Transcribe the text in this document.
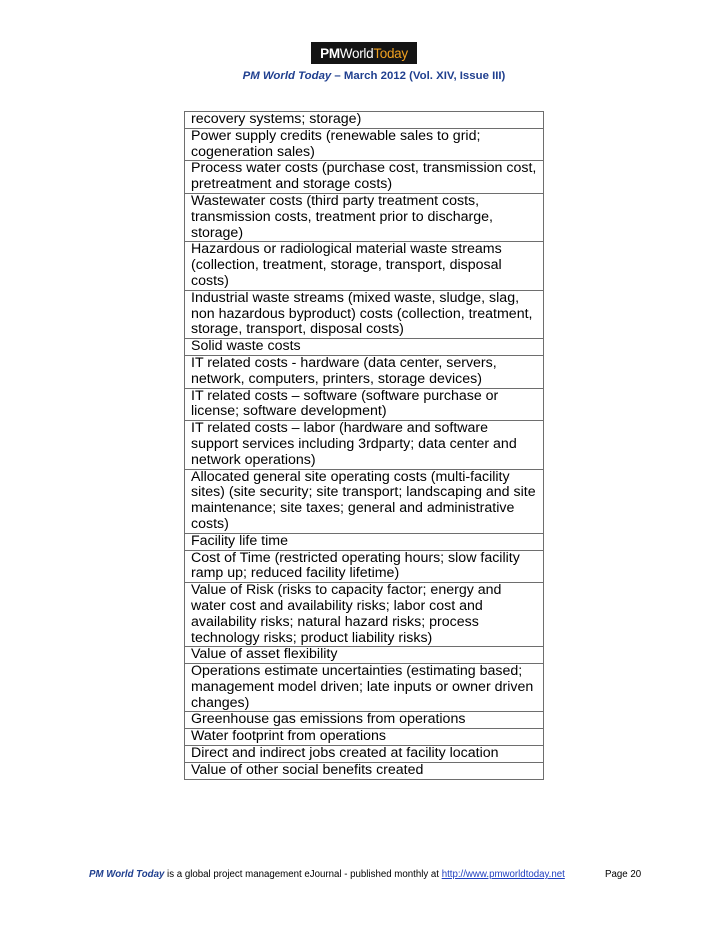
PM World Today
PM World Today – March 2012 (Vol. XIV, Issue III)
recovery systems; storage)
Power supply credits (renewable sales to grid; cogeneration sales)
Process water costs (purchase cost, transmission cost, pretreatment and storage costs)
Wastewater costs (third party treatment costs, transmission costs, treatment prior to discharge, storage)
Hazardous or radiological material waste streams (collection, treatment, storage, transport, disposal costs)
Industrial waste streams (mixed waste, sludge, slag, non hazardous byproduct) costs (collection, treatment, storage, transport, disposal costs)
Solid waste costs
IT related costs - hardware (data center, servers, network, computers, printers, storage devices)
IT related costs – software (software purchase or license; software development)
IT related costs – labor (hardware and software support services including 3rdparty; data center and network operations)
Allocated general site operating costs (multi-facility sites) (site security; site transport; landscaping and site maintenance; site taxes; general and administrative costs)
Facility life time
Cost of Time (restricted operating hours; slow facility ramp up; reduced facility lifetime)
Value of Risk (risks to capacity factor; energy and water cost and availability risks; labor cost and availability risks; natural hazard risks; process technology risks; product liability risks)
Value of asset flexibility
Operations estimate uncertainties (estimating based; management model driven; late inputs or owner driven changes)
Greenhouse gas emissions from operations
Water footprint from operations
Direct and indirect jobs created at facility location
Value of other social benefits created
PM World Today is a global project management eJournal - published monthly at http://www.pmworldtoday.net	Page 20
